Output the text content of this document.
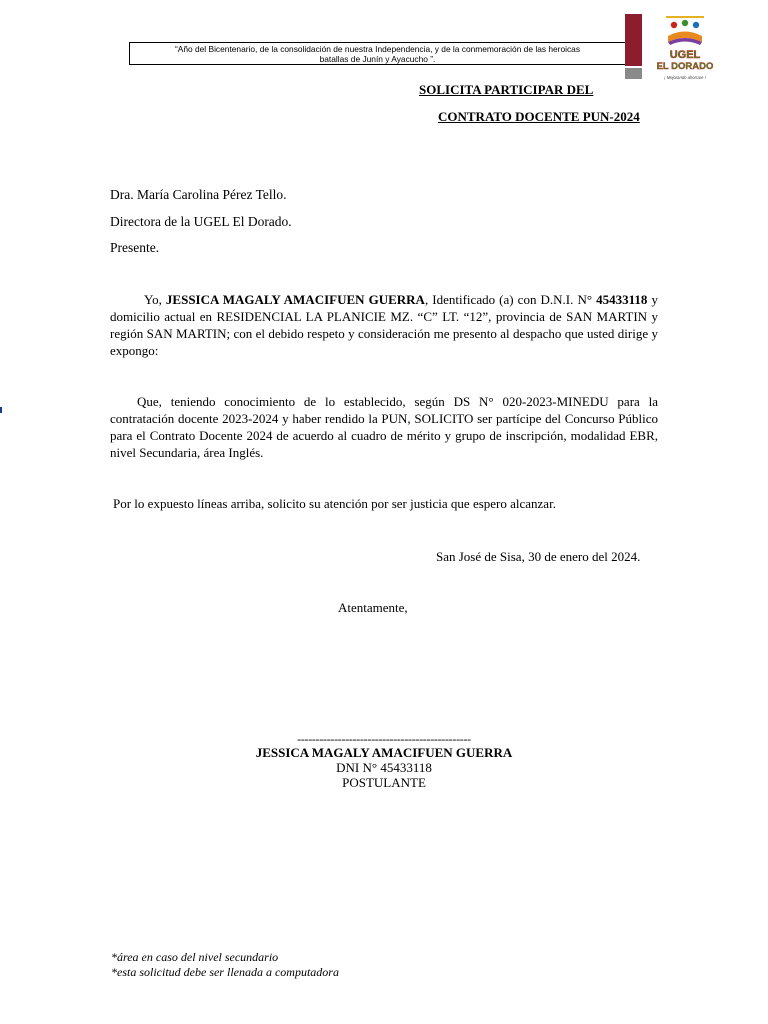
“Año del Bicentenario, de la consolidación de nuestra Independencia, y de la conmemoración de las heroicas
batallas de Junín y Ayacucho ”.	UGEL
EL DORADO
¡ Mejorando ahorrare !
SOLICITA PARTICIPAR DEL
CONTRATO DOCENTE PUN-2024
Dra. María Carolina Pérez Tello.
Directora de la UGEL El Dorado.
Presente.
Yo, JESSICA MAGALY AMACIFUEN GUERRA, Identificado (a) con D.N.I. N° 45433118 y domicilio actual en RESIDENCIAL LA PLANICIE MZ. “C” LT. “12”, provincia de SAN MARTIN y región SAN MARTIN; con el debido respeto y consideración me presento al despacho que usted dirige y expongo:
Que, teniendo conocimiento de lo establecido, según DS N° 020-2023-MINEDU para la contratación docente 2023-2024 y haber rendido la PUN, SOLICITO ser partícipe del Concurso Público para el Contrato Docente 2024 de acuerdo al cuadro de mérito y grupo de inscripción, modalidad EBR, nivel Secundaria, área Inglés.
Por lo expuesto líneas arriba, solicito su atención por ser justicia que espero alcanzar.
San José de Sisa, 30 de enero del 2024.
Atentamente,
-----------------------------------------------
JESSICA MAGALY AMACIFUEN GUERRA
DNI N° 45433118
POSTULANTE
*área en caso del nivel secundario
*esta solicitud debe ser llenada a computadora
